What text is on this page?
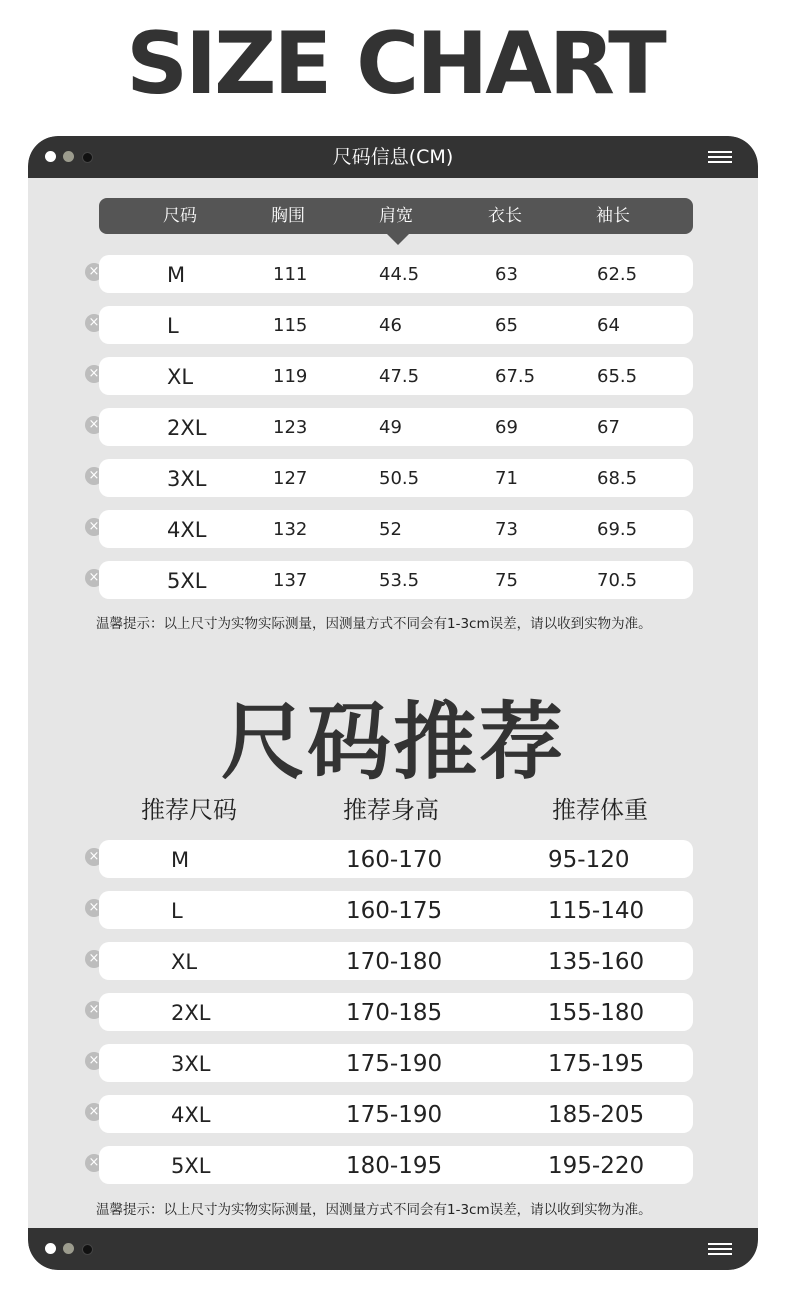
SIZE CHART
尺码信息(CM)
尺码	胸围	肩宽	衣长	袖长
×	M	111	44.5	63	62.5
×	L	115	46	65	64
×	XL	119	47.5	67.5	65.5
×	2XL	123	49	69	67
×	3XL	127	50.5	71	68.5
×	4XL	132	52	73	69.5
×	5XL	137	53.5	75	70.5
温馨提示：以上尺寸为实物实际测量，因测量方式不同会有1-3cm误差，请以收到实物为准。
尺码推荐
推荐尺码	推荐身高	推荐体重
×	M	160-170	95-120
×	L	160-175	115-140
×	XL	170-180	135-160
×	2XL	170-185	155-180
×	3XL	175-190	175-195
×	4XL	175-190	185-205
×	5XL	180-195	195-220
温馨提示：以上尺寸为实物实际测量，因测量方式不同会有1-3cm误差，请以收到实物为准。
